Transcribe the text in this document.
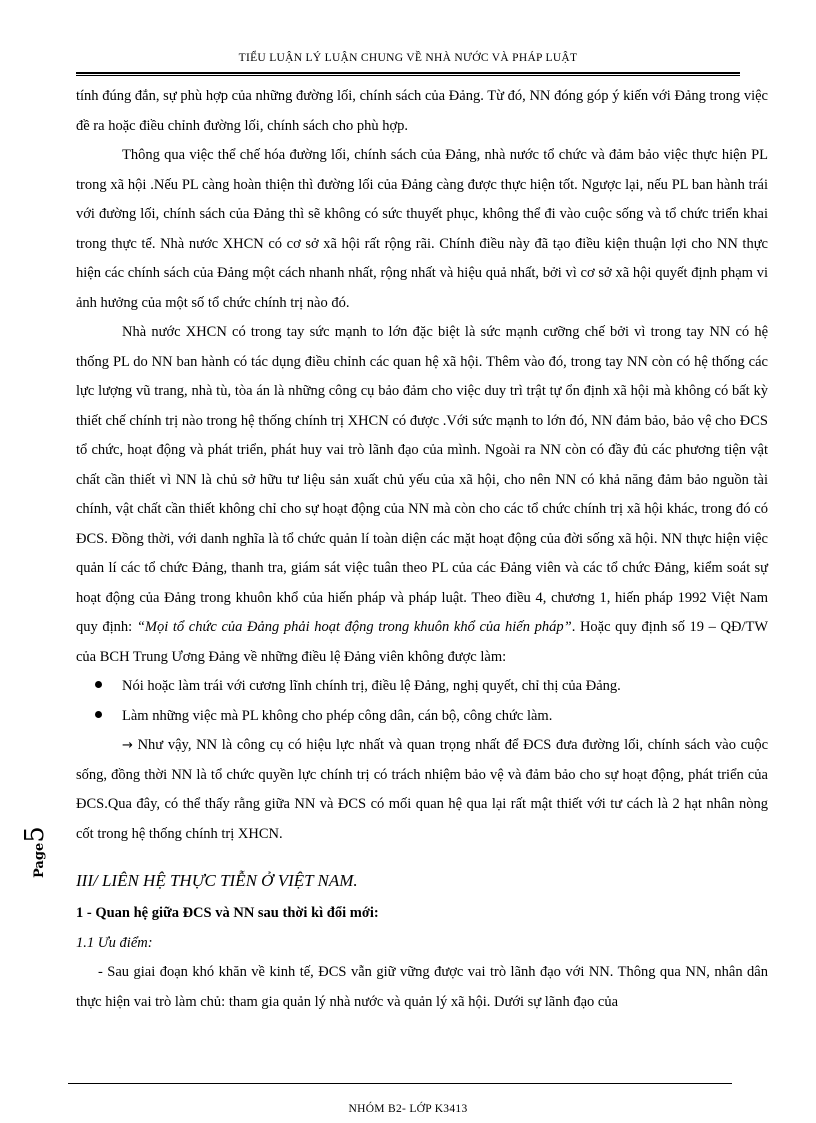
TIỂU LUẬN LÝ LUẬN CHUNG VỀ NHÀ NƯỚC VÀ PHÁP LUẬT

tính đúng đắn, sự phù hợp của những đường lối, chính sách của Đảng. Từ đó, NN đóng góp ý kiến với Đảng trong việc đề ra hoặc điều chỉnh đường lối, chính sách cho phù hợp.

Thông qua việc thể chế hóa đường lối, chính sách của Đảng, nhà nước tổ chức và đảm bảo việc thực hiện PL trong xã hội .Nếu PL càng hoàn thiện thì đường lối của Đảng càng được thực hiện tốt. Ngược lại, nếu PL ban hành trái với đường lối, chính sách của Đảng thì sẽ không có sức thuyết phục, không thể đi vào cuộc sống và tổ chức triển khai trong thực tế. Nhà nước XHCN có cơ sở xã hội rất rộng rãi. Chính điều này đã tạo điều kiện thuận lợi cho NN thực hiện các chính sách của Đảng một cách nhanh nhất, rộng nhất và hiệu quả nhất, bởi vì cơ sở xã hội quyết định phạm vi ảnh hưởng của một số tổ chức chính trị nào đó.

Nhà nước XHCN có trong tay sức mạnh to lớn đặc biệt là sức mạnh cưỡng chế bởi vì trong tay NN có hệ thống PL do NN ban hành có tác dụng điều chỉnh các quan hệ xã hội. Thêm vào đó, trong tay NN còn có hệ thống các lực lượng vũ trang, nhà tù, tòa án là những công cụ bảo đảm cho việc duy trì trật tự ổn định xã hội mà không có bất kỳ thiết chế chính trị nào trong hệ thống chính trị XHCN có được .Với sức mạnh to lớn đó, NN đảm bảo, bảo vệ cho ĐCS tổ chức, hoạt động và phát triển, phát huy vai trò lãnh đạo của mình. Ngoài ra NN còn có đầy đủ các phương tiện vật chất cần thiết vì NN là chủ sở hữu tư liệu sản xuất chủ yếu của xã hội, cho nên NN có khả năng đảm bảo nguồn tài chính, vật chất cần thiết không chỉ cho sự hoạt động của NN mà còn cho các tổ chức chính trị xã hội khác, trong đó có ĐCS. Đồng thời, với danh nghĩa là tổ chức quản lí toàn diện các mặt hoạt động của đời sống xã hội. NN thực hiện việc quản lí các tổ chức Đảng, thanh tra, giám sát việc tuân theo PL của các Đảng viên và các tổ chức Đảng, kiểm soát sự hoạt động của Đảng trong khuôn khổ của hiến pháp và pháp luật. Theo điều 4, chương 1, hiến pháp 1992 Việt Nam quy định: “Mọi tổ chức của Đảng phải hoạt động trong khuôn khổ của hiến pháp”. Hoặc quy định số 19 – QĐ/TW của BCH Trung Ương Đảng về những điều lệ Đảng viên không được làm:

Nói hoặc làm trái với cương lĩnh chính trị, điều lệ Đảng, nghị quyết, chỉ thị của Đảng.
Làm những việc mà PL không cho phép công dân, cán bộ, công chức làm.

→ Như vậy, NN là công cụ có hiệu lực nhất và quan trọng nhất để ĐCS đưa đường lối, chính sách vào cuộc sống, đồng thời NN là tổ chức quyền lực chính trị có trách nhiệm bảo vệ và đảm bảo cho sự hoạt động, phát triển của ĐCS.Qua đây, có thể thấy rằng giữa NN và ĐCS có mối quan hệ qua lại rất mật thiết với tư cách là 2 hạt nhân nòng cốt trong hệ thống chính trị XHCN.

III/ LIÊN HỆ THỰC TIỄN Ở VIỆT NAM.

1 - Quan hệ giữa ĐCS và NN sau thời kì đổi mới:

1.1 Ưu điểm:

- Sau giai đoạn khó khăn về kinh tế, ĐCS vẫn giữ vững được vai trò lãnh đạo với NN. Thông qua NN, nhân dân thực hiện vai trò làm chủ: tham gia quản lý nhà nước và quản lý xã hội. Dưới sự lãnh đạo của

Page5
NHÓM B2- LỚP K3413
